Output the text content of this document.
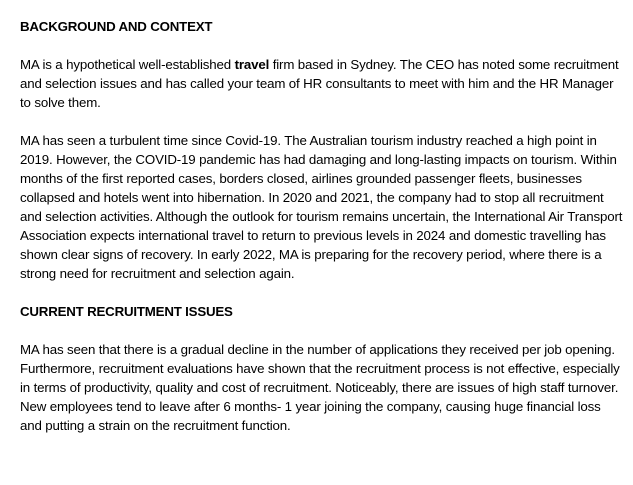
BACKGROUND AND CONTEXT

MA is a hypothetical well-established travel firm based in Sydney. The CEO has noted some recruitment and selection issues and has called your team of HR consultants to meet with him and the HR Manager to solve them.

MA has seen a turbulent time since Covid-19. The Australian tourism industry reached a high point in 2019. However, the COVID-19 pandemic has had damaging and long-lasting impacts on tourism. Within months of the first reported cases, borders closed, airlines grounded passenger fleets, businesses collapsed and hotels went into hibernation. In 2020 and 2021, the company had to stop all recruitment and selection activities. Although the outlook for tourism remains uncertain, the International Air Transport Association expects international travel to return to previous levels in 2024 and domestic travelling has shown clear signs of recovery. In early 2022, MA is preparing for the recovery period, where there is a strong need for recruitment and selection again.

CURRENT RECRUITMENT ISSUES

MA has seen that there is a gradual decline in the number of applications they received per job opening. Furthermore, recruitment evaluations have shown that the recruitment process is not effective, especially in terms of productivity, quality and cost of recruitment. Noticeably, there are issues of high staff turnover. New employees tend to leave after 6 months- 1 year joining the company, causing huge financial loss and putting a strain on the recruitment function.
